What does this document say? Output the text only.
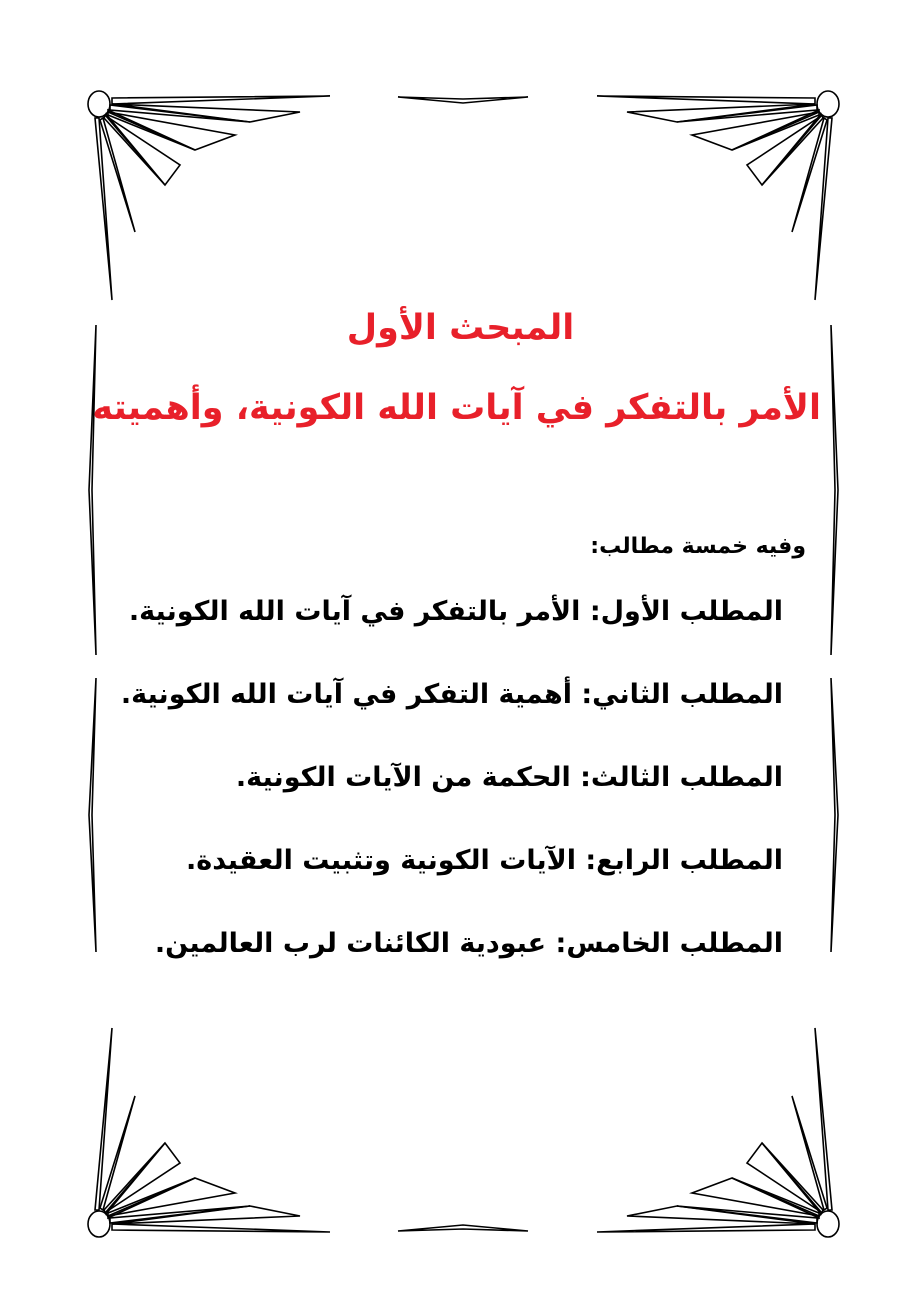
المبحث الأول
الأمر بالتفكر في آيات الله الكونية، وأهميته
وفيه خمسة مطالب:
المطلب الأول: الأمر بالتفكر في آيات الله الكونية.
المطلب الثاني: أهمية التفكر في آيات الله الكونية.
المطلب الثالث: الحكمة من الآيات الكونية.
المطلب الرابع: الآيات الكونية وتثبيت العقيدة.
المطلب الخامس: عبودية الكائنات لرب العالمين.
